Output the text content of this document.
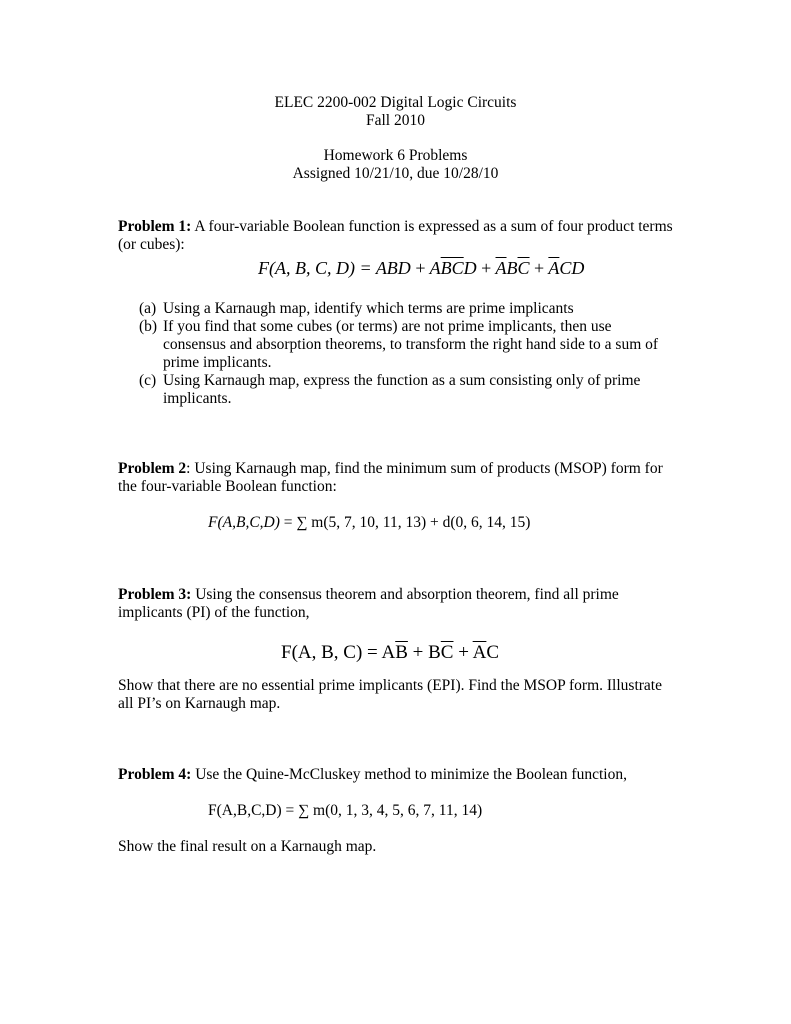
ELEC 2200-002 Digital Logic Circuits
Fall 2010
Homework 6 Problems
Assigned 10/21/10, due 10/28/10
Problem 1: A four-variable Boolean function is expressed as a sum of four product terms
(or cubes):
F(A, B, C, D) = ABD + $A\overline{BC}D + \overline{A}B\overline{C} + \overline{A}CD$
(a) Using a Karnaugh map, identify which terms are prime implicants
(b) If you find that some cubes (or terms) are not prime implicants, then use
consensus and absorption theorems, to transform the right hand side to a sum of
prime implicants.
(c) Using Karnaugh map, express the function as a sum consisting only of prime
implicants.
Problem 2: Using Karnaugh map, find the minimum sum of products (MSOP) form for
the four-variable Boolean function:
F(A,B,C,D) = ∑ m(5, 7, 10, 11, 13) + d(0, 6, 14, 15)
Problem 3: Using the consensus theorem and absorption theorem, find all prime
implicants (PI) of the function,
F(A, B, $C) = A\overline{B} + B\overline{C} + \overline{A}C$
Show that there are no essential prime implicants (EPI). Find the MSOP form. Illustrate
all PI’s on Karnaugh map.
Problem 4: Use the Quine-McCluskey method to minimize the Boolean function,
F(A,B,C,D) = ∑ m(0, 1, 3, 4, 5, 6, 7, 11, 14)
Show the final result on a Karnaugh map.
